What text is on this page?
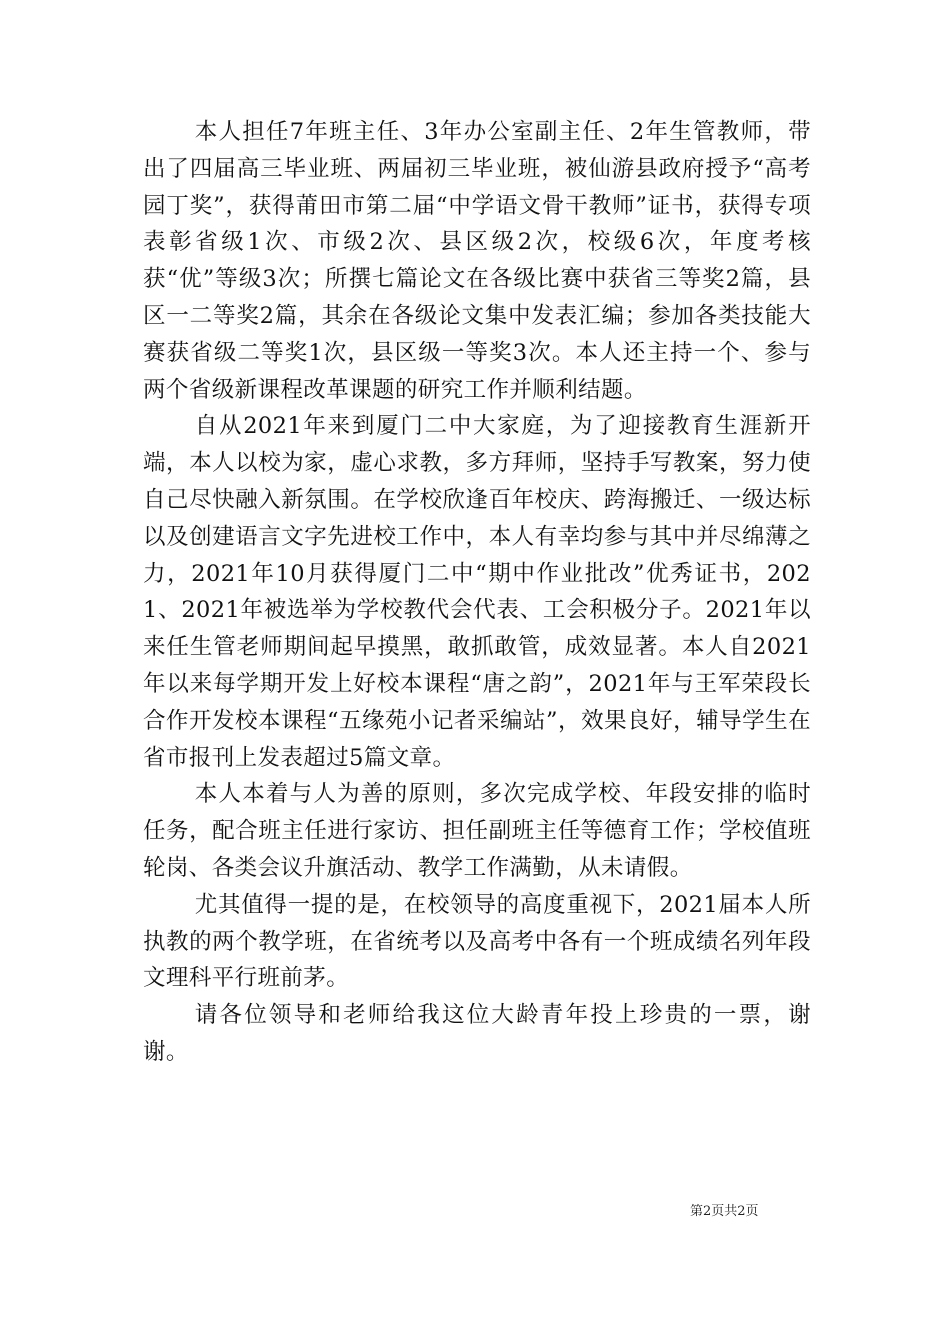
本人担任7年班主任、3年办公室副主任、2年生管教师，带出了四届高三毕业班、两届初三毕业班，被仙游县政府授予“高考园丁奖”，获得莆田市第二届“中学语文骨干教师”证书，获得专项表彰省级1次、市级2次、县区级2次，校级6次，年度考核获“优”等级3次；所撰七篇论文在各级比赛中获省三等奖2篇，县区一二等奖2篇，其余在各级论文集中发表汇编；参加各类技能大赛获省级二等奖1次，县区级一等奖3次。本人还主持一个、参与两个省级新课程改革课题的研究工作并顺利结题。

自从2021年来到厦门二中大家庭，为了迎接教育生涯新开端，本人以校为家，虚心求教，多方拜师，坚持手写教案，努力使自己尽快融入新氛围。在学校欣逢百年校庆、跨海搬迁、一级达标以及创建语言文字先进校工作中，本人有幸均参与其中并尽绵薄之力，2021年10月获得厦门二中“期中作业批改”优秀证书，2021、2021年被选举为学校教代会代表、工会积极分子。2021年以来任生管老师期间起早摸黑，敢抓敢管，成效显著。本人自2021年以来每学期开发上好校本课程“唐之韵”，2021年与王军荣段长合作开发校本课程“五缘苑小记者采编站”，效果良好，辅导学生在省市报刊上发表超过5篇文章。

本人本着与人为善的原则，多次完成学校、年段安排的临时任务，配合班主任进行家访、担任副班主任等德育工作；学校值班轮岗、各类会议升旗活动、教学工作满勤，从未请假。

尤其值得一提的是，在校领导的高度重视下，2021届本人所执教的两个教学班，在省统考以及高考中各有一个班成绩名列年段文理科平行班前茅。

请各位领导和老师给我这位大龄青年投上珍贵的一票，谢谢。

第2页共2页
